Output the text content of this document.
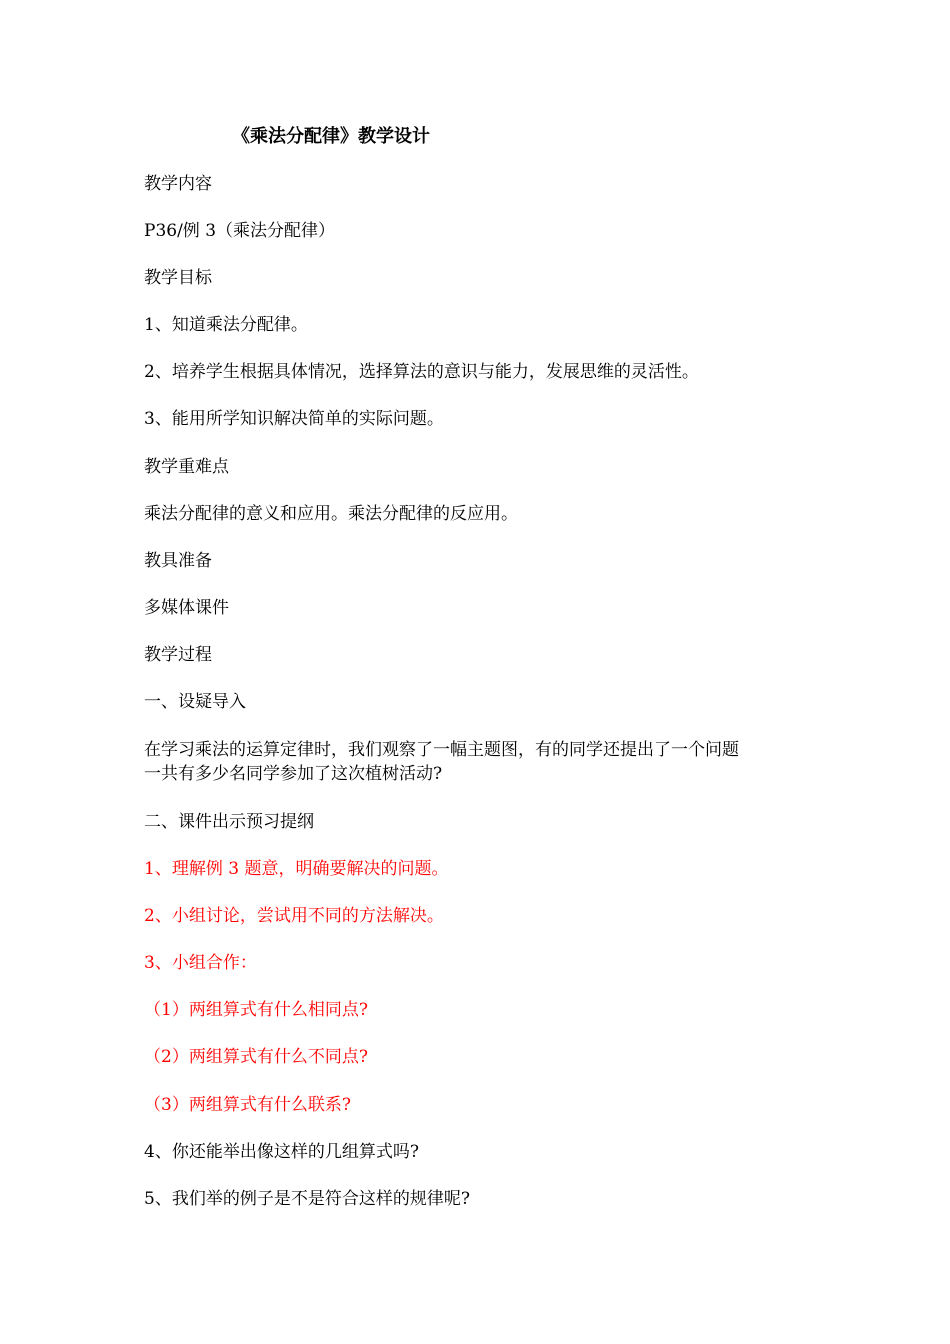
《乘法分配律》教学设计
教学内容
P36/例 3（乘法分配律）
教学目标
1、知道乘法分配律。
2、培养学生根据具体情况，选择算法的意识与能力，发展思维的灵活性。
3、能用所学知识解决简单的实际问题。
教学重难点
乘法分配律的意义和应用。乘法分配律的反应用。
教具准备
多媒体课件
教学过程
一、设疑导入
在学习乘法的运算定律时，我们观察了一幅主题图，有的同学还提出了一个问题
一共有多少名同学参加了这次植树活动?
二、课件出示预习提纲
1、理解例 3 题意，明确要解决的问题。
2、小组讨论，尝试用不同的方法解决。
3、小组合作：
（1）两组算式有什么相同点?
（2）两组算式有什么不同点?
（3）两组算式有什么联系?
4、你还能举出像这样的几组算式吗?
5、我们举的例子是不是符合这样的规律呢?
